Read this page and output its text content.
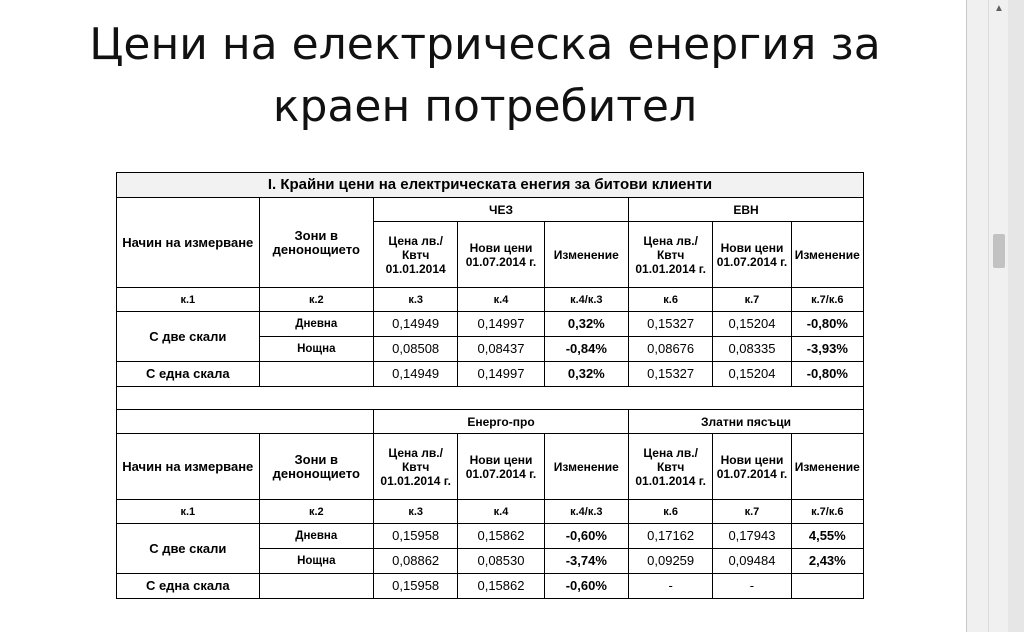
Цени на електрическа енергия за
краен потребител
I. Крайни цени на електрическата енегия за битови клиенти							
Начин на измерване	Зони в денонощието	ЧЕЗ			ЕВН		
		Цена лв./Квтч 01.01.2014	Нови цени 01.07.2014 г.	Изменение	Цена лв./Квтч 01.01.2014 г.	Нови цени 01.07.2014 г.	Изменение
к.1	к.2	к.3	к.4	к.4/к.3	к.6	к.7	к.7/к.6
С две скали	Дневна	0,14949	0,14997	0,32%	0,15327	0,15204	-0,80%
	Нощна	0,08508	0,08437	-0,84%	0,08676	0,08335	-3,93%
С една скала		0,14949	0,14997	0,32%	0,15327	0,15204	-0,80%

		Енерго-про			Златни пясъци		
Начин на измерване	Зони в денонощието	Цена лв./Квтч 01.01.2014 г.	Нови цени 01.07.2014 г.	Изменение	Цена лв./Квтч 01.01.2014 г.	Нови цени 01.07.2014 г.	Изменение
к.1	к.2	к.3	к.4	к.4/к.3	к.6	к.7	к.7/к.6
С две скали	Дневна	0,15958	0,15862	-0,60%	0,17162	0,17943	4,55%
	Нощна	0,08862	0,08530	-3,74%	0,09259	0,09484	2,43%
С една скала		0,15958	0,15862	-0,60%	-	-	
▲
